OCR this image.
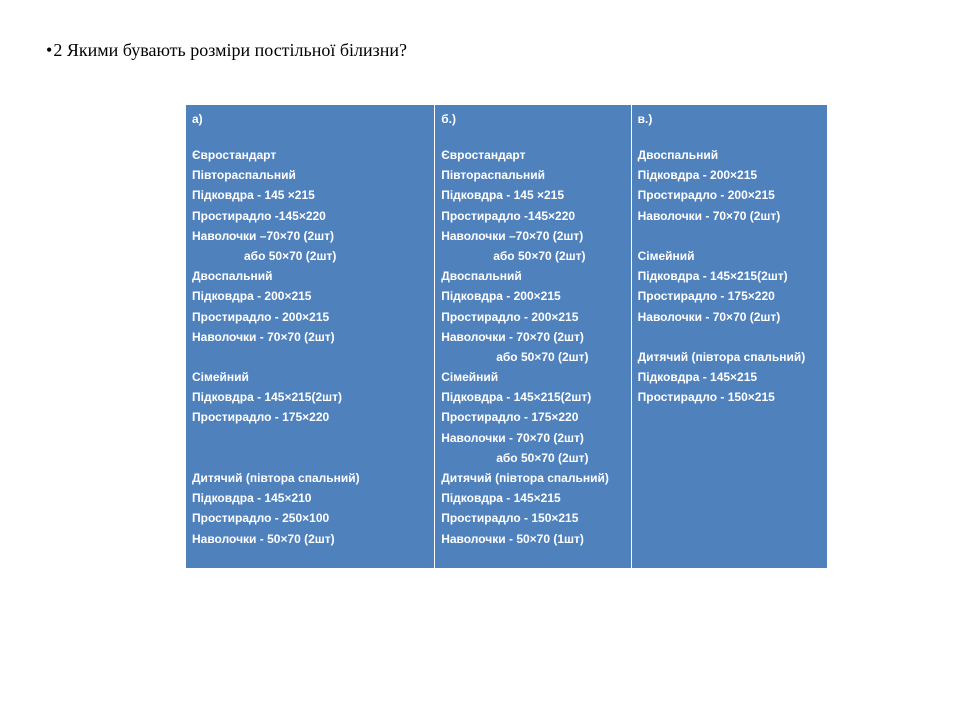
•2 Якими бувають розміри постільної білизни?
а)
Євростандарт
Півтораспальний
Підковдра - 145 ×215
Простирадло -145×220
Наволочки –70×70 (2шт)
або 50×70 (2шт)
Двоспальний
Підковдра - 200×215
Простирадло - 200×215
Наволочки - 70×70 (2шт)
Сімейний
Підковдра - 145×215(2шт)
Простирадло - 175×220
Дитячий (півтора спальний)
Підковдра - 145×210
Простирадло - 250×100
Наволочки - 50×70 (2шт)
б.)
Євростандарт
Півтораспальний
Підковдра - 145 ×215
Простирадло -145×220
Наволочки –70×70 (2шт)
або 50×70 (2шт)
Двоспальний
Підковдра - 200×215
Простирадло - 200×215
Наволочки - 70×70 (2шт)
або 50×70 (2шт)
Сімейний
Підковдра - 145×215(2шт)
Простирадло - 175×220
Наволочки - 70×70 (2шт)
або 50×70 (2шт)
Дитячий (півтора спальний)
Підковдра - 145×215
Простирадло - 150×215
Наволочки - 50×70 (1шт)
в.)
Двоспальний
Підковдра - 200×215
Простирадло - 200×215
Наволочки - 70×70 (2шт)
Сімейний
Підковдра - 145×215(2шт)
Простирадло - 175×220
Наволочки - 70×70 (2шт)
Дитячий (півтора спальний)
Підковдра - 145×215
Простирадло - 150×215
